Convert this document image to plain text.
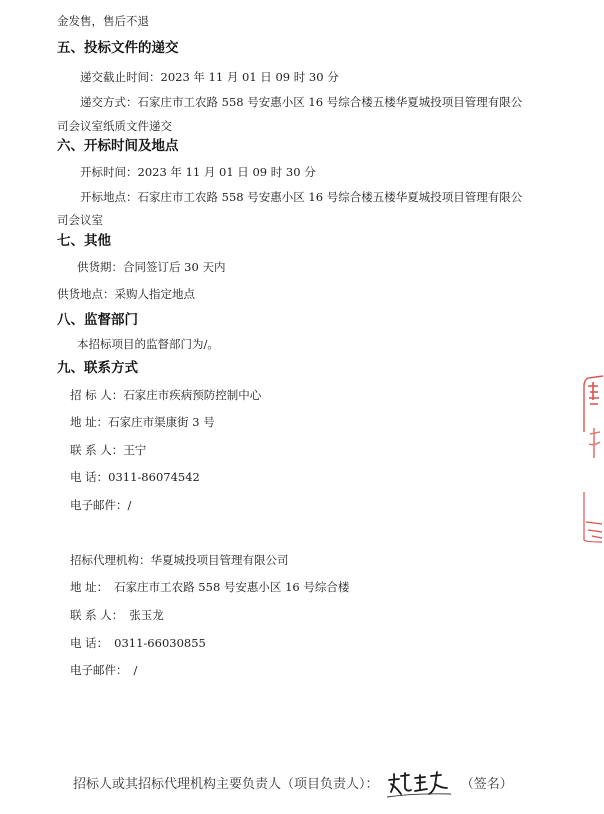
金发售，售后不退
五、投标文件的递交
递交截止时间：2023 年 11 月 01 日 09 时 30 分
递交方式：石家庄市工农路 558 号安惠小区 16 号综合楼五楼华夏城投项目管理有限公
司会议室纸质文件递交
六、开标时间及地点
开标时间：2023 年 11 月 01 日 09 时 30 分
开标地点：石家庄市工农路 558 号安惠小区 16 号综合楼五楼华夏城投项目管理有限公
司会议室
七、其他
供货期：合同签订后 30 天内
供货地点：采购人指定地点
八、监督部门
本招标项目的监督部门为/。
九、联系方式
招 标 人：石家庄市疾病预防控制中心
地 址：石家庄市渠康街 3 号
联 系 人：王宁
电 话：0311-86074542
电子邮件：/
招标代理机构：华夏城投项目管理有限公司
地 址： 石家庄市工农路 558 号安惠小区 16 号综合楼
联 系 人： 张玉龙
电 话： 0311-66030855
电子邮件： /
招标人或其招标代理机构主要负责人（项目负责人）：	（签名）
